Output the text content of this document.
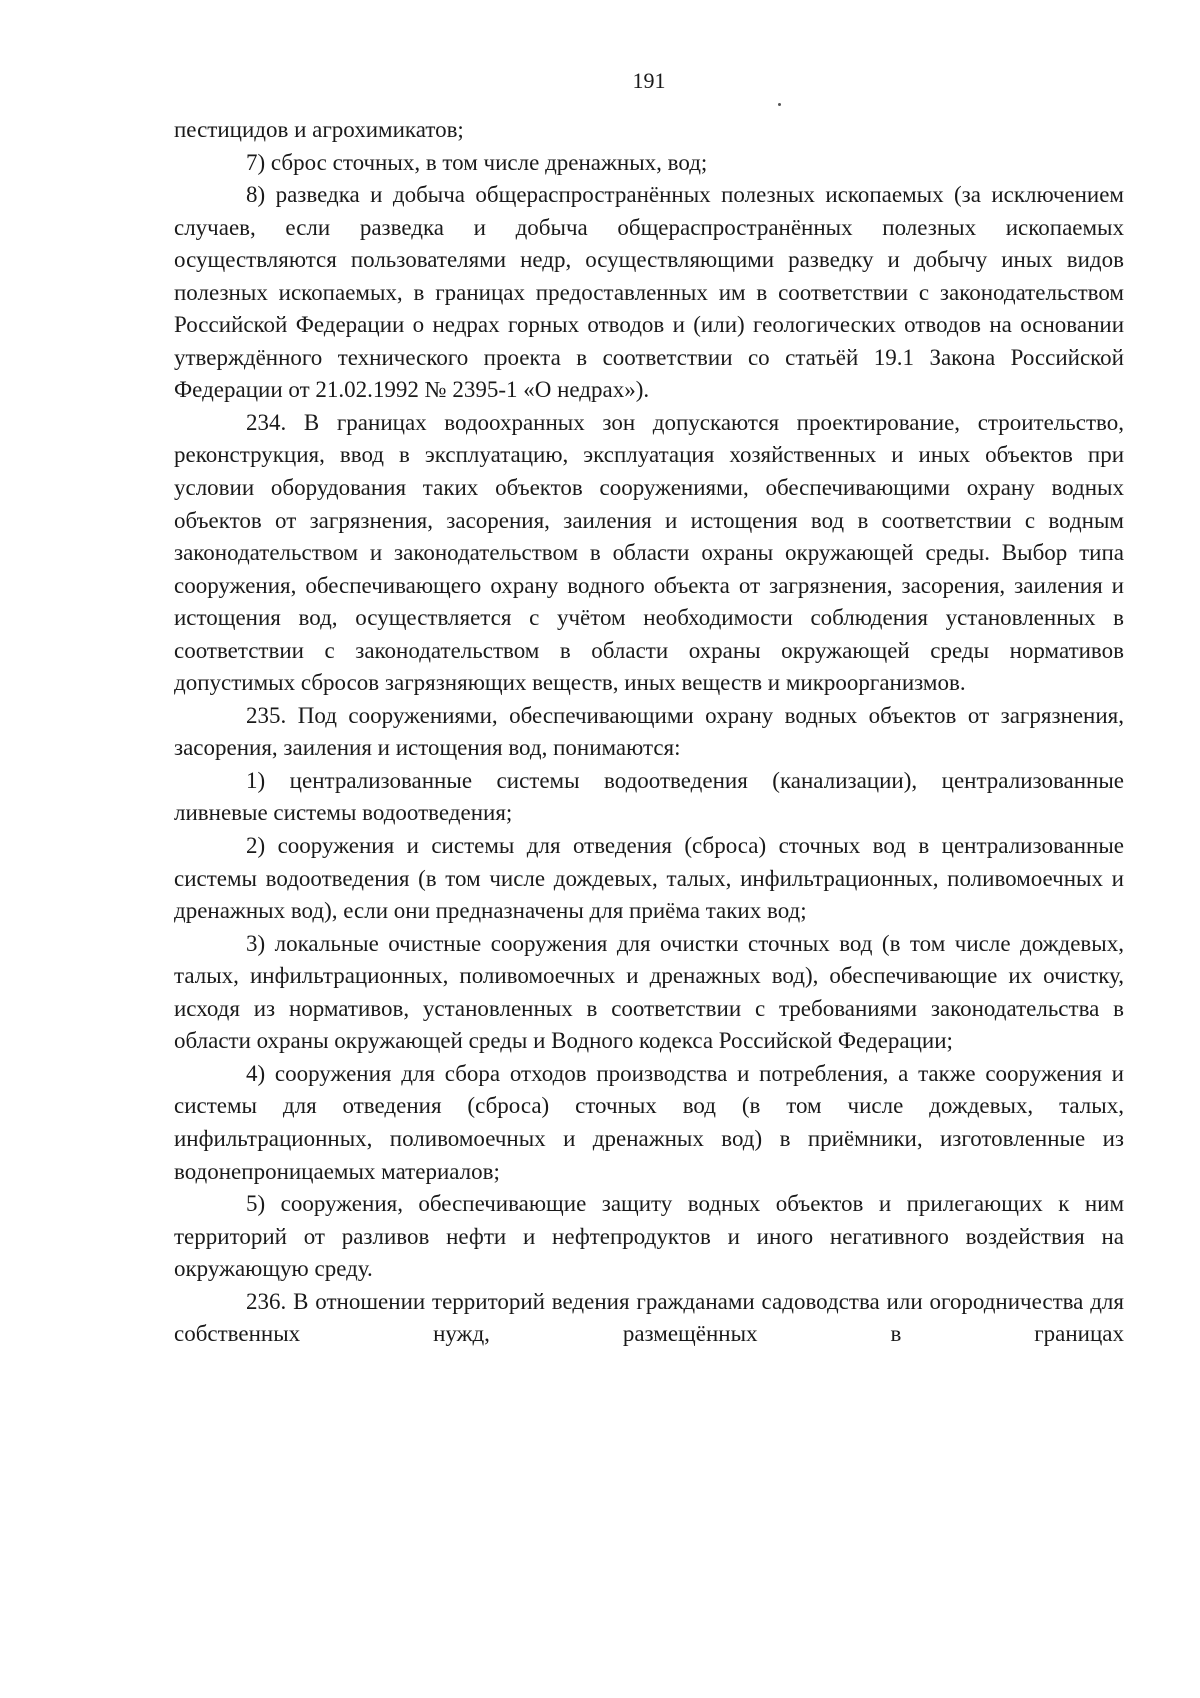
191

пестицидов и агрохимикатов;

7) сброс сточных, в том числе дренажных, вод;

8) разведка и добыча общераспространённых полезных ископаемых (за исключением случаев, если разведка и добыча общераспространённых полезных ископаемых осуществляются пользователями недр, осуществляющими разведку и добычу иных видов полезных ископаемых, в границах предоставленных им в соответствии с законодательством Российской Федерации о недрах горных отводов и (или) геологических отводов на основании утверждённого технического проекта в соответствии со статьёй 19.1 Закона Российской Федерации от 21.02.1992 № 2395-1 «О недрах»).

234. В границах водоохранных зон допускаются проектирование, строительство, реконструкция, ввод в эксплуатацию, эксплуатация хозяйственных и иных объектов при условии оборудования таких объектов сооружениями, обеспечивающими охрану водных объектов от загрязнения, засорения, заиления и истощения вод в соответствии с водным законодательством и законодательством в области охраны окружающей среды. Выбор типа сооружения, обеспечивающего охрану водного объекта от загрязнения, засорения, заиления и истощения вод, осуществляется с учётом необходимости соблюдения установленных в соответствии с законодательством в области охраны окружающей среды нормативов допустимых сбросов загрязняющих веществ, иных веществ и микроорганизмов.

235. Под сооружениями, обеспечивающими охрану водных объектов от загрязнения, засорения, заиления и истощения вод, понимаются:

1) централизованные системы водоотведения (канализации), централизованные ливневые системы водоотведения;

2) сооружения и системы для отведения (сброса) сточных вод в централизованные системы водоотведения (в том числе дождевых, талых, инфильтрационных, поливомоечных и дренажных вод), если они предназначены для приёма таких вод;

3) локальные очистные сооружения для очистки сточных вод (в том числе дождевых, талых, инфильтрационных, поливомоечных и дренажных вод), обеспечивающие их очистку, исходя из нормативов, установленных в соответствии с требованиями законодательства в области охраны окружающей среды и Водного кодекса Российской Федерации;

4) сооружения для сбора отходов производства и потребления, а также сооружения и системы для отведения (сброса) сточных вод (в том числе дождевых, талых, инфильтрационных, поливомоечных и дренажных вод) в приёмники, изготовленные из водонепроницаемых материалов;

5) сооружения, обеспечивающие защиту водных объектов и прилегающих к ним территорий от разливов нефти и нефтепродуктов и иного негативного воздействия на окружающую среду.

236. В отношении территорий ведения гражданами садоводства или огородничества для собственных нужд, размещённых в границах
